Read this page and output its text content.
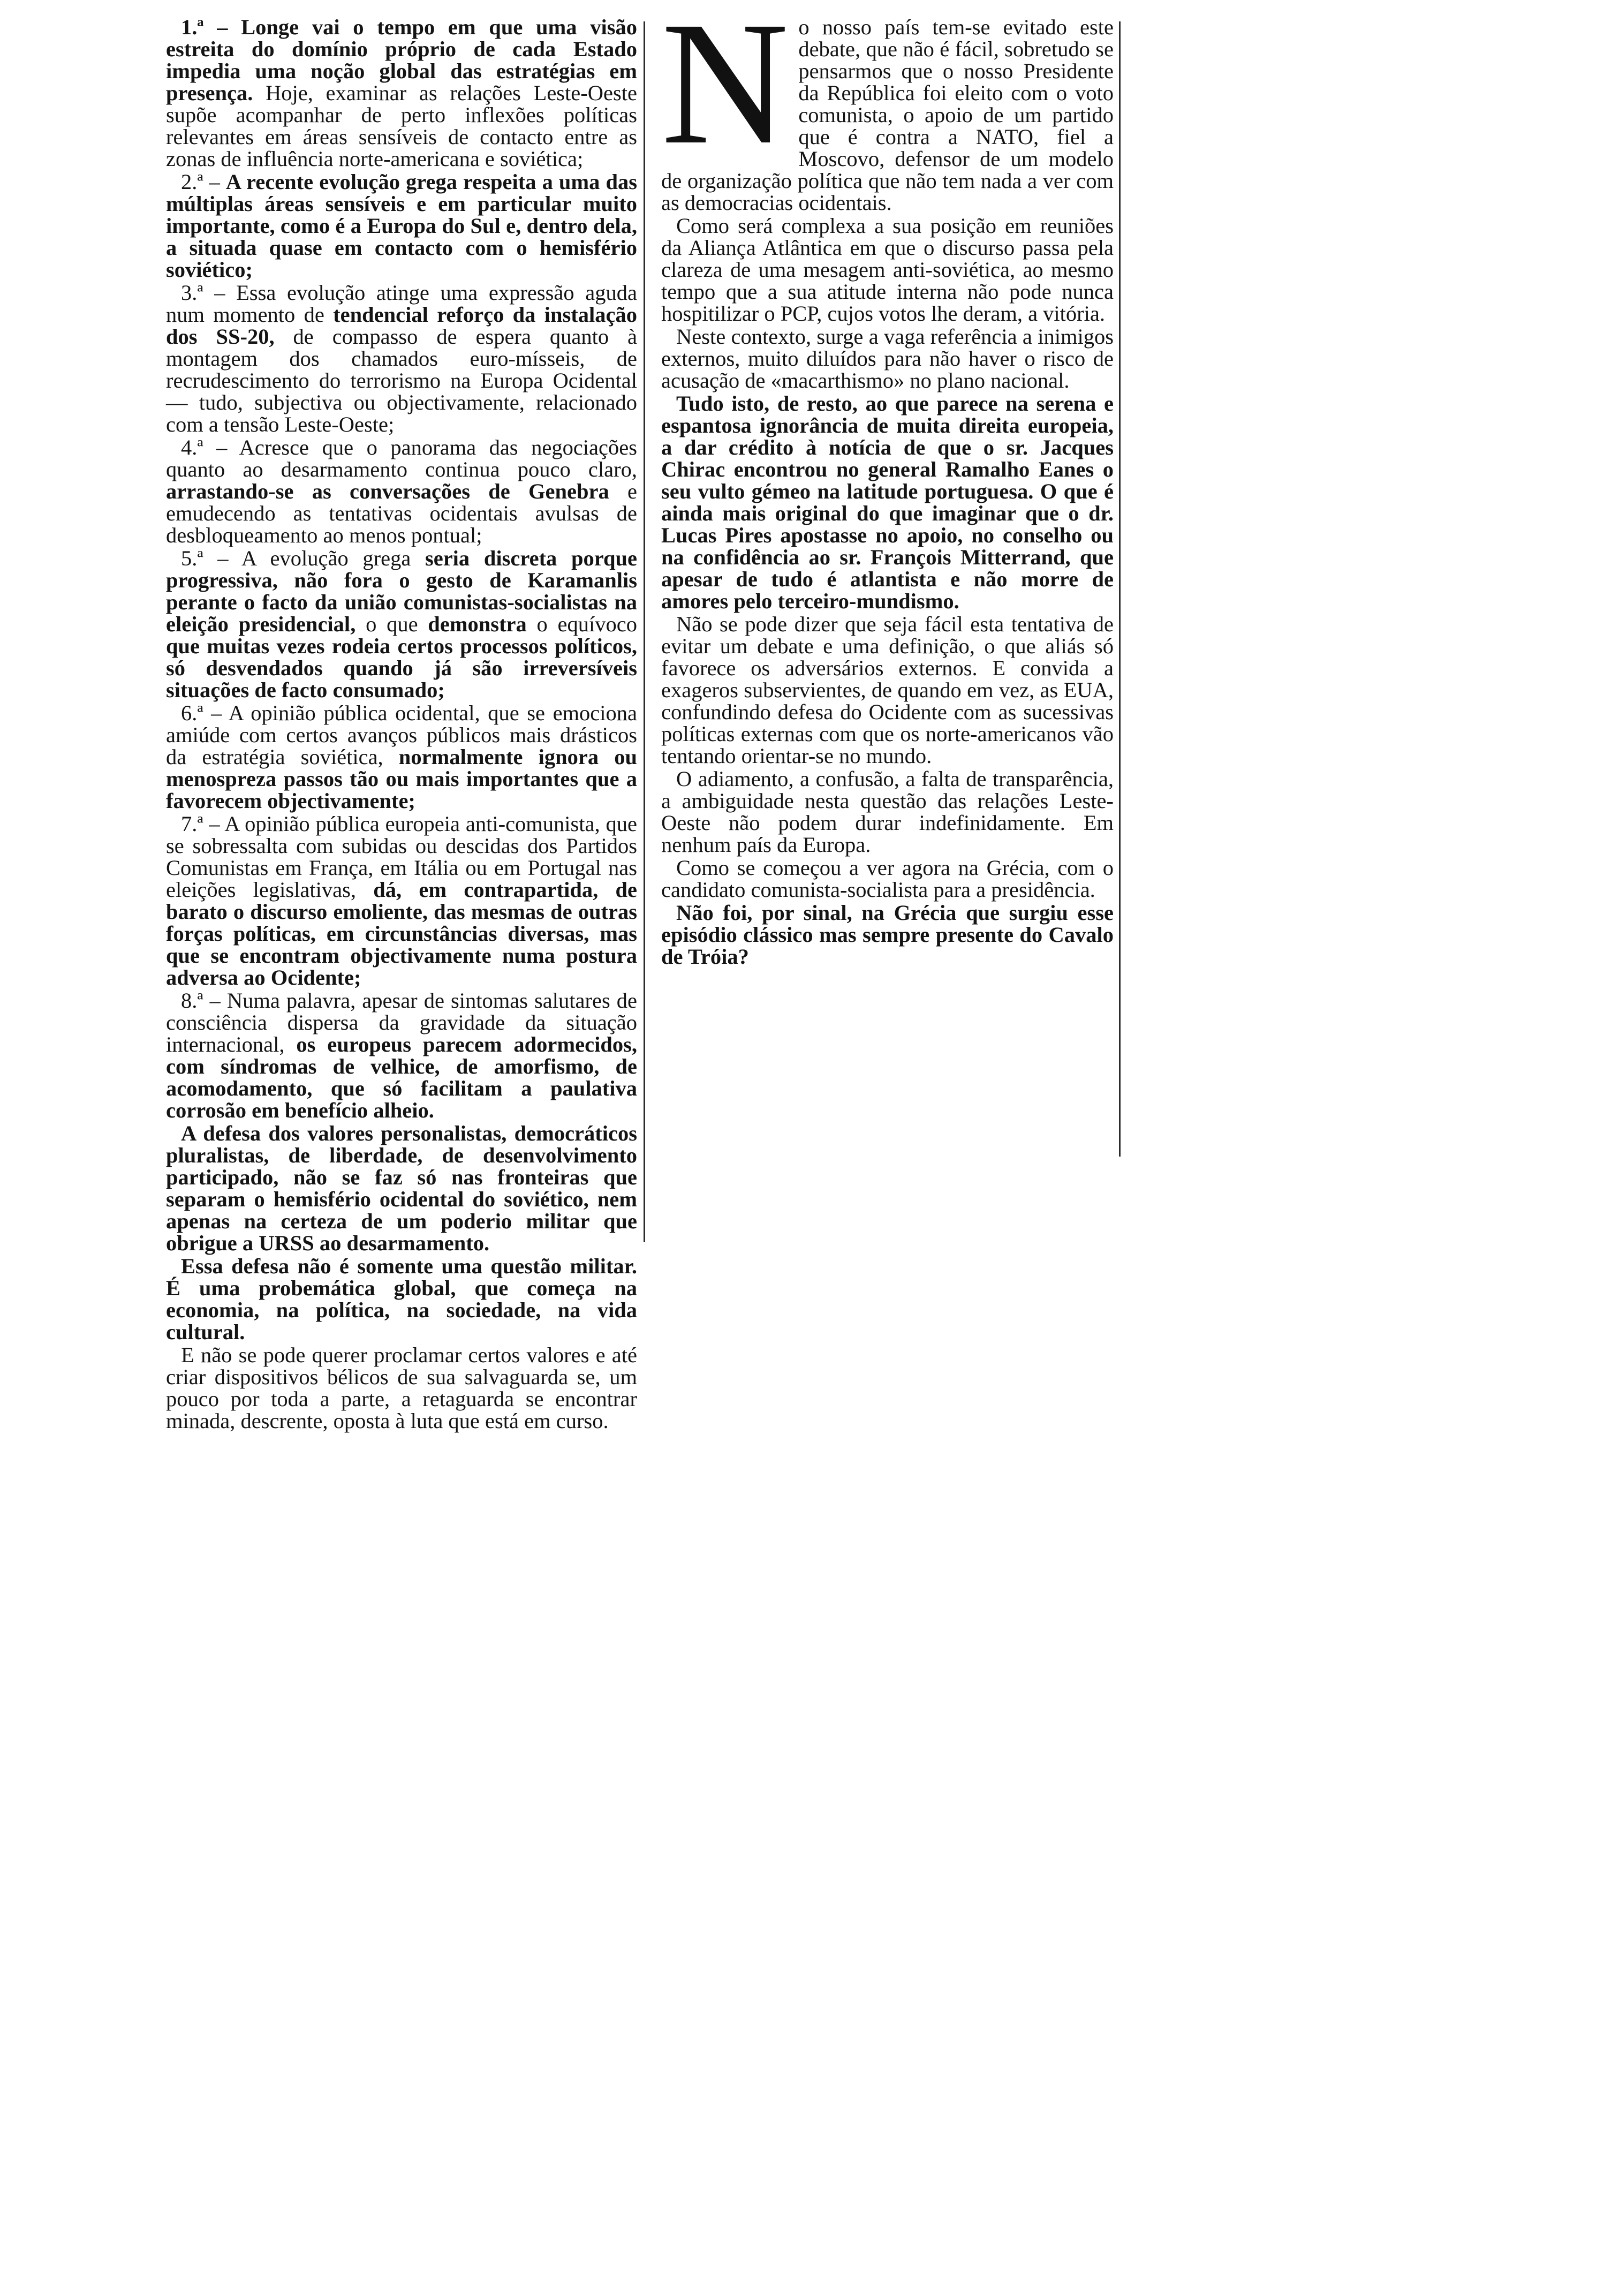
1.ª – Longe vai o tempo em que uma visão estreita do domínio próprio de cada Estado impedia uma noção global das estratégias em presença. Hoje, examinar as relações Leste-Oeste supõe acompanhar de perto inflexões políticas relevantes em áreas sensíveis de contacto entre as zonas de influência norte-americana e soviética;

2.ª – A recente evolução grega respeita a uma das múltiplas áreas sensíveis e em particular muito importante, como é a Europa do Sul e, dentro dela, a situada quase em contacto com o hemisfério soviético;

3.ª – Essa evolução atinge uma expressão aguda num momento de tendencial reforço da instalação dos SS-20, de compasso de espera quanto à montagem dos chamados euro-mísseis, de recrudescimento do terrorismo na Europa Ocidental — tudo, subjectiva ou objectivamente, relacionado com a tensão Leste-Oeste;

4.ª – Acresce que o panorama das negociações quanto ao desarmamento continua pouco claro, arrastando-se as conversações de Genebra e emudecendo as tentativas ocidentais avulsas de desbloqueamento ao menos pontual;

5.ª – A evolução grega seria discreta porque progressiva, não fora o gesto de Karamanlis perante o facto da união comunistas-socialistas na eleição presidencial, o que demonstra o equívoco que muitas vezes rodeia certos processos políticos, só desvendados quando já são irreversíveis situações de facto consumado;

6.ª – A opinião pública ocidental, que se emociona amiúde com certos avanços públicos mais drásticos da estratégia soviética, normalmente ignora ou menospreza passos tão ou mais importantes que a favorecem objectivamente;

7.ª – A opinião pública europeia anti-comunista, que se sobressalta com subidas ou descidas dos Partidos Comunistas em França, em Itália ou em Portugal nas eleições legislativas, dá, em contrapartida, de barato o discurso emoliente, das mesmas de outras forças políticas, em circunstâncias diversas, mas que se encontram objectivamente numa postura adversa ao Ocidente;

8.ª – Numa palavra, apesar de sintomas salutares de consciência dispersa da gravidade da situação internacional, os europeus parecem adormecidos, com síndromas de velhice, de amorfismo, de acomodamento, que só facilitam a paulativa corrosão em benefício alheio.

A defesa dos valores personalistas, democráticos pluralistas, de liberdade, de desenvolvimento participado, não se faz só nas fronteiras que separam o hemisfério ocidental do soviético, nem apenas na certeza de um poderio militar que obrigue a URSS ao desarmamento.

Essa defesa não é somente uma questão militar. É uma probemática global, que começa na economia, na política, na sociedade, na vida cultural.

E não se pode querer proclamar certos valores e até criar dispositivos bélicos de sua salvaguarda se, um pouco por toda a parte, a retaguarda se encontrar minada, descrente, oposta à luta que está em curso.

N o nosso país tem-se evitado este debate, que não é fácil, sobretudo se pensarmos que o nosso Presidente da República foi eleito com o voto comunista, o apoio de um partido que é contra a NATO, fiel a Moscovo, defensor de um modelo de organização política que não tem nada a ver com as democracias ocidentais.

Como será complexa a sua posição em reuniões da Aliança Atlântica em que o discurso passa pela clareza de uma mesagem anti-soviética, ao mesmo tempo que a sua atitude interna não pode nunca hospitilizar o PCP, cujos votos lhe deram, a vitória.

Neste contexto, surge a vaga referência a inimigos externos, muito diluídos para não haver o risco de acusação de «macarthismo» no plano nacional.

Tudo isto, de resto, ao que parece na serena e espantosa ignorância de muita direita europeia, a dar crédito à notícia de que o sr. Jacques Chirac encontrou no general Ramalho Eanes o seu vulto gémeo na latitude portuguesa. O que é ainda mais original do que imaginar que o dr. Lucas Pires apostasse no apoio, no conselho ou na confidência ao sr. François Mitterrand, que apesar de tudo é atlantista e não morre de amores pelo terceiro-mundismo.

Não se pode dizer que seja fácil esta tentativa de evitar um debate e uma definição, o que aliás só favorece os adversários externos. E convida a exageros subservientes, de quando em vez, as EUA, confundindo defesa do Ocidente com as sucessivas políticas externas com que os norte-americanos vão tentando orientar-se no mundo.

O adiamento, a confusão, a falta de transparência, a ambiguidade nesta questão das relações Leste-Oeste não podem durar indefinidamente. Em nenhum país da Europa.

Como se começou a ver agora na Grécia, com o candidato comunista-socialista para a presidência.

Não foi, por sinal, na Grécia que surgiu esse episódio clássico mas sempre presente do Cavalo de Tróia?
